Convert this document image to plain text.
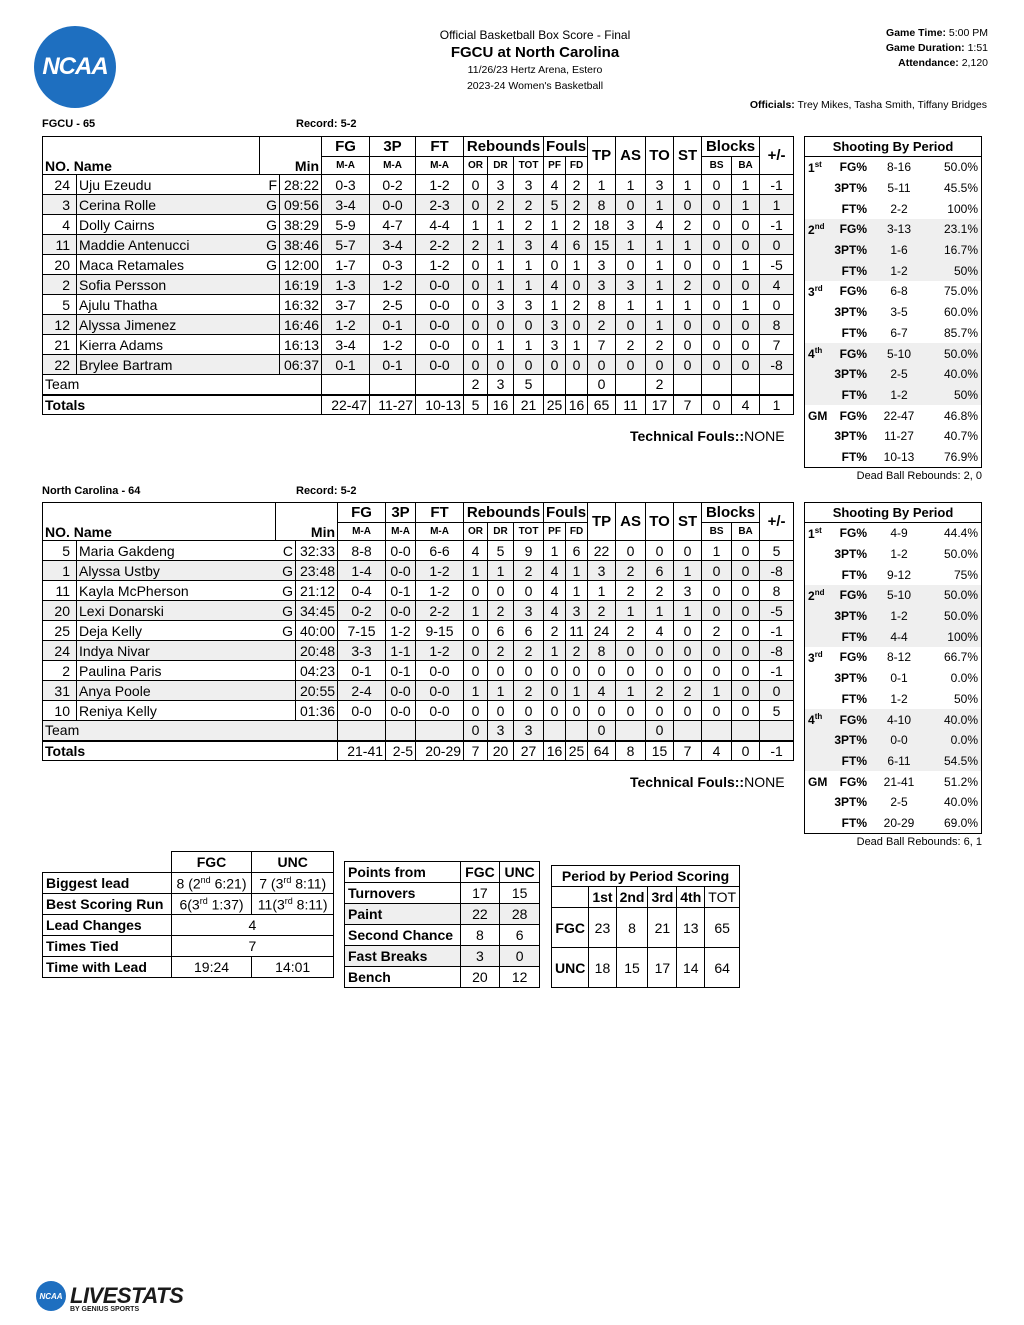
NCAA
Official Basketball Box Score - Final
FGCU at North Carolina
11/26/23 Hertz Arena, Estero
2023-24 Women's Basketball
Game Time: 5:00 PM
Game Duration: 1:51
Attendance: 2,120
Officials: Trey Mikes, Tasha Smith, Tiffany Bridges
FGCU - 65	Record: 5-2
NO. Name		Min		FG	3P	FT	Rebounds			Fouls		TP	AS	TO	ST	Blocks		+/-
				M-A	M-A	M-A	OR	DR	TOT	PF	FD					BS	BA	
24	Uju Ezeudu	F	28:22	0-3	0-2	1-2	0	3	3	4	2	1	1	3	1	0	1	-1
3	Cerina Rolle	G	09:56	3-4	0-0	2-3	0	2	2	5	2	8	0	1	0	0	1	1
4	Dolly Cairns	G	38:29	5-9	4-7	4-4	1	1	2	1	2	18	3	4	2	0	0	-1
11	Maddie Antenucci	G	38:46	5-7	3-4	2-2	2	1	3	4	6	15	1	1	1	0	0	0
20	Maca Retamales	G	12:00	1-7	0-3	1-2	0	1	1	0	1	3	0	1	0	0	1	-5
2	Sofia Persson		16:19	1-3	1-2	0-0	0	1	1	4	0	3	3	1	2	0	0	4
5	Ajulu Thatha		16:32	3-7	2-5	0-0	0	3	3	1	2	8	1	1	1	0	1	0
12	Alyssa Jimenez		16:46	1-2	0-1	0-0	0	0	0	3	0	2	0	1	0	0	0	8
21	Kierra Adams		16:13	3-4	1-2	0-0	0	1	1	3	1	7	2	2	0	0	0	7
22	Brylee Bartram		06:37	0-1	0-1	0-0	0	0	0	0	0	0	0	0	0	0	0	-8
Team							2	3	5			0		2				
Totals				22-47	11-27	10-13	5	16	21	25	16	65	11	17	7	0	4	1
Technical Fouls::NONE
Shooting By Period
1st	FG%	8-16	50.0%
3PT%	5-11	45.5%
FT%	2-2	100%
2nd	FG%	3-13	23.1%
3PT%	1-6	16.7%
FT%	1-2	50%
3rd	FG%	6-8	75.0%
3PT%	3-5	60.0%
FT%	6-7	85.7%
4th	FG%	5-10	50.0%
3PT%	2-5	40.0%
FT%	1-2	50%
GM	FG%	22-47	46.8%
3PT%	11-27	40.7%
FT%	10-13	76.9%
Dead Ball Rebounds: 2, 0
North Carolina - 64	Record: 5-2
NO. Name		Min		FG	3P	FT	Rebounds			Fouls		TP	AS	TO	ST	Blocks		+/-
				M-A	M-A	M-A	OR	DR	TOT	PF	FD					BS	BA	
5	Maria Gakdeng	C	32:33	8-8	0-0	6-6	4	5	9	1	6	22	0	0	0	1	0	5
1	Alyssa Ustby	G	23:48	1-4	0-0	1-2	1	1	2	4	1	3	2	6	1	0	0	-8
11	Kayla McPherson	G	21:12	0-4	0-1	1-2	0	0	0	4	1	1	2	2	3	0	0	8
20	Lexi Donarski	G	34:45	0-2	0-0	2-2	1	2	3	4	3	2	1	1	1	0	0	-5
25	Deja Kelly	G	40:00	7-15	1-2	9-15	0	6	6	2	11	24	2	4	0	2	0	-1
24	Indya Nivar		20:48	3-3	1-1	1-2	0	2	2	1	2	8	0	0	0	0	0	-8
2	Paulina Paris		04:23	0-1	0-1	0-0	0	0	0	0	0	0	0	0	0	0	0	-1
31	Anya Poole		20:55	2-4	0-0	0-0	1	1	2	0	1	4	1	2	2	1	0	0
10	Reniya Kelly		01:36	0-0	0-0	0-0	0	0	0	0	0	0	0	0	0	0	0	5
Team							0	3	3			0		0				
Totals				21-41	2-5	20-29	7	20	27	16	25	64	8	15	7	4	0	-1
Technical Fouls::NONE
Shooting By Period
1st	FG%	4-9	44.4%
3PT%	1-2	50.0%
FT%	9-12	75%
2nd	FG%	5-10	50.0%
3PT%	1-2	50.0%
FT%	4-4	100%
3rd	FG%	8-12	66.7%
3PT%	0-1	0.0%
FT%	1-2	50%
4th	FG%	4-10	40.0%
3PT%	0-0	0.0%
FT%	6-11	54.5%
GM	FG%	21-41	51.2%
3PT%	2-5	40.0%
FT%	20-29	69.0%
Dead Ball Rebounds: 6, 1
	FGC	UNC
Biggest lead	8 (2nd 6:21)	7 (3rd 8:11)
Best Scoring Run	6(3rd 1:37)	11(3rd 8:11)
Lead Changes	4	
Times Tied	7	
Time with Lead	19:24	14:01
Points from	FGC	UNC
Turnovers	17	15
Paint	22	28
Second Chance	8	6
Fast Breaks	3	0
Bench	20	12
Period by Period Scoring					
	1st	2nd	3rd	4th	TOT
FGC	23	8	21	13	65
UNC	18	15	17	14	64
NCAA LIVESTATS
BY GENIUS SPORTS
